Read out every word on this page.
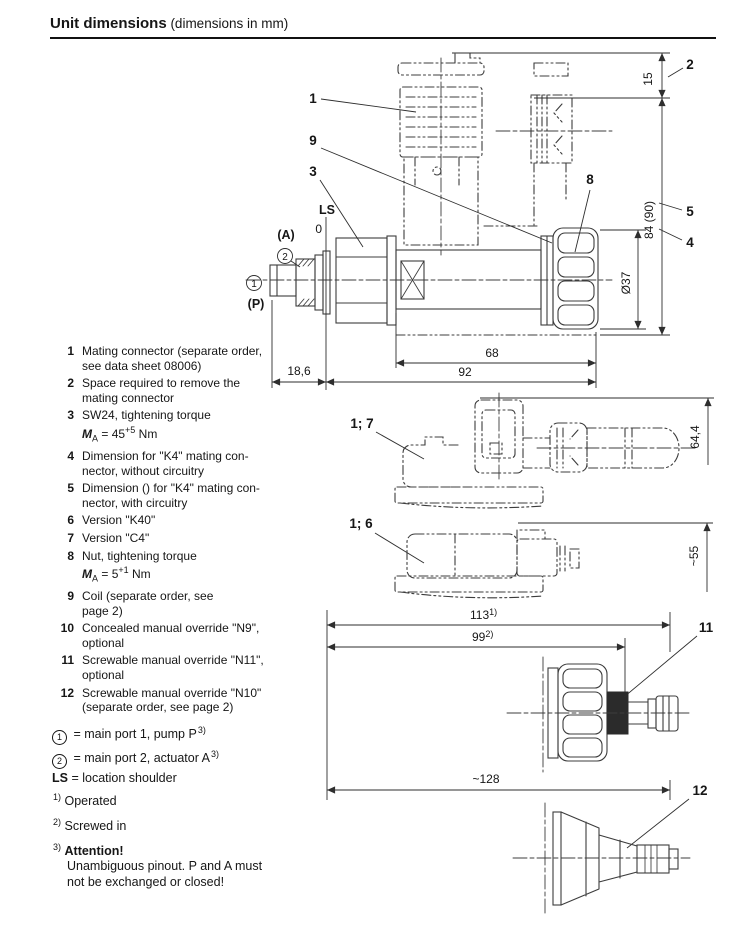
Unit dimensions (dimensions in mm)
15
84 (90)
Ø37
68
92
18,6
LS
0
1
9
3
8
2
5
4
(A)
2
1
(P)
1; 7
64,4
1; 6
~55
113$^{1)}$
99$^{2)}$	11
~128
12
1 Mating connector (separate order,
see data sheet 08006)
2 Space required to remove the
mating connector
3 SW24, tightening torque
$M_A = 45^{+5}$ Nm
4 Dimension for "K4" mating con-
nector, without circuitry
5 Dimension () for "K4" mating con-
nector, with circuitry
6 Version "K40"
7 Version "C4"
8 Nut, tightening torque
$M_A = 5^{+1}$ Nm
9 Coil (separate order, see
page 2)
10 Concealed manual override "N9",
optional
11 Screwable manual override "N11",
optional
12 Screwable manual override "N10"
(separate order, see page 2)
1 = main port 1, pump $P^{3)}$
2 = main port 2, actuator $A^{3)}$
LS = location shoulder
$^{1)}$ Operated
$^{2)}$ Screwed in
$^{3)}$ Attention!
Unambiguous pinout. P and A must
not be exchanged or closed!
